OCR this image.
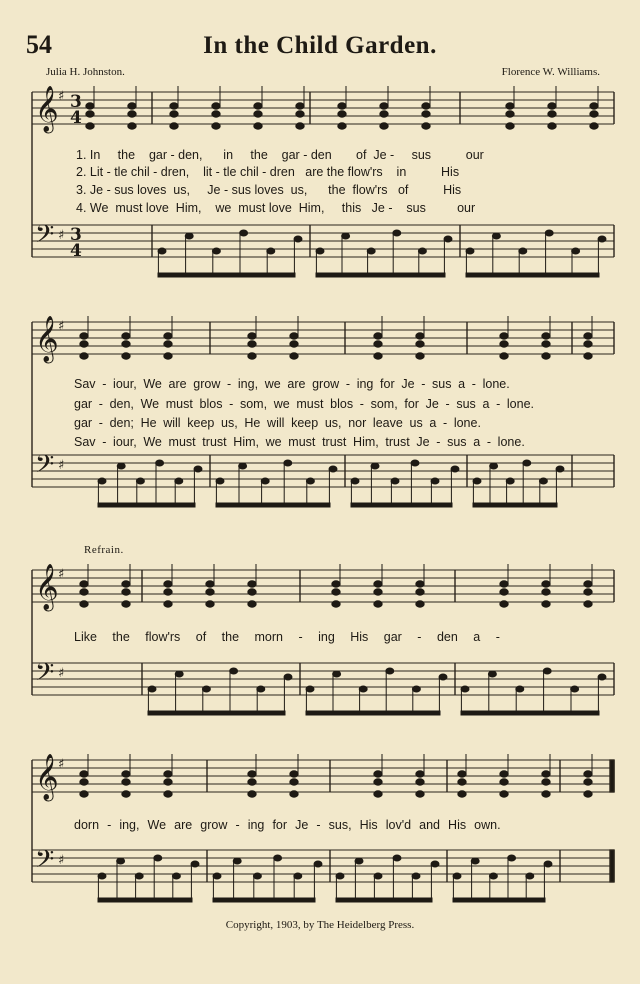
54	In the Child Garden.
Julia H. Johnston.	Florence W. Williams.
𝄞 ♯ 3
4
𝄢 ♯ 3
4
𝄞 ♯
𝄢 ♯
𝄞 ♯
𝄢 ♯
𝄞 ♯
𝄢 ♯
1. In     the    gar - den,      in     the    gar - den       of  Je -     sus          our
2. Lit - tle chil - dren,    lit - tle chil - dren   are the flow'rs    in          His
3. Je - sus loves  us,     Je - sus loves  us,      the  flow'rs   of          His
4. We  must love  Him,    we  must love  Him,     this   Je -    sus         our
Sav - iour, We are grow - ing, we are grow - ing for Je - sus a - lone.
gar - den, We must blos - som, we must blos - som, for Je - sus a - lone.
gar - den; He will keep us, He will keep us, nor leave us a - lone.
Sav - iour, We must trust Him, we must trust Him, trust Je - sus a - lone.
Refrain.
Like the flow'rs of the morn - ing His gar - den a -
dorn - ing, We are grow - ing for Je - sus, His lov'd and His own.
Copyright, 1903, by The Heidelberg Press.
